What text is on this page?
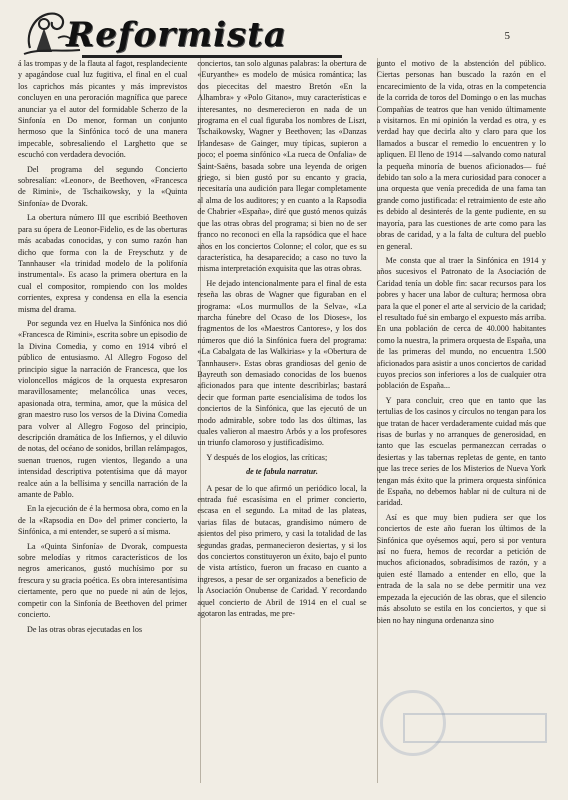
Reformista	5

á las trompas y de la flauta al fagot, resplandeciente y apagándose cual luz fugitiva, el final en el cual los caprichos más picantes y más imprevistos concluyen en una peroración magnífica que parece anunciar ya el autor del formidable Scherzo de la Sinfonía en Do menor, forman un conjunto hermoso que la Sinfónica tocó de una manera impecable, sobresaliendo el Larghetto que se escuchó con verdadera devoción.

Del programa del segundo Concierto sobresalían: «Leonor», de Beethoven, «Francesca de Rimini», de Tschaikowsky, y la «Quinta Sinfonía» de Dvorak.

La obertura número III que escribió Beethoven para su ópera de Leonor-Fidelio, es de las oberturas más acabadas conocidas, y con sumo razón han dicho que forma con la de Freyschutz y de Tannhauser «la trinidad modelo de la polifonía instrumental». Es acaso la primera obertura en la cual el compositor, rompiendo con los moldes corrientes, expresa y condensa en ella la esencia misma del drama.

Por segunda vez en Huelva la Sinfónica nos dió «Francesca de Rimini», escrita sobre un episodio de la Divina Comedia, y como en 1914 vibró el público de entusiasmo. Al Allegro Fogoso del principio sigue la narración de Francesca, que los violoncellos mágicos de la orquesta expresaron maravillosamente; melancólica unas veces, apasionada otra, termina, amor, que la música del gran maestro ruso los versos de la Divina Comedia para volver al Allegro Fogoso del principio, descripción dramática de los Infiernos, y el diluvio de notas, del océano de sonidos, brillan relámpagos, suenan truenos, rugen vientos, llegando a una intensidad descriptiva potentísima que dá mayor realce aún a la bellísima y sencilla narración de la amante de Pablo.

En la ejecución de é la hermosa obra, como en la de la «Rapsodia en Do» del primer concierto, la Sinfónica, a mi entender, se superó a sí misma.

La «Quinta Sinfonía» de Dvorak, compuesta sobre melodías y ritmos característicos de los negros americanos, gustó muchísimo por su frescura y su gracia poética. Es obra interesantísima ciertamente, pero que no puede ni aún de lejos, competir con la Sinfonía de Beethoven del primer concierto.

De las otras obras ejecutadas en los

conciertos, tan solo algunas palabras: la obertura de «Euryanthe» es modelo de música romántica; las dos piececitas del maestro Bretón «En la Alhambra» y «Polo Gitano», muy características e interesantes, no desmerecieron en nada de un programa en el cual figuraba los nombres de Liszt, Tschaikowsky, Wagner y Beethoven; las «Danzas Irlandesas» de Gainger, muy típicas, supieron a poco; el poema sinfónico «La rueca de Onfalia» de Saint-Saëns, basada sobre una leyenda de origen griego, si bien gustó por su encanto y gracia, necesitaría una audición para llegar completamente al alma de los auditores; y en cuanto a la Rapsodia de Chabrier «España», diré que gustó menos quizás que las otras obras del programa; si bien no de ser franco no reconoci en ella la rapsódica que el hace años en los conciertos Colonne; el color, que es su característica, ha desaparecido; a caso no tuvo la misma interpretación exquisita que las otras obras.

He dejado intencionalmente para el final de esta reseña las obras de Wagner que figuraban en el programa: «Los murmullos de la Selva», «La marcha fúnebre del Ocaso de los Dioses», los fragmentos de los «Maestros Cantores», y los dos números que dió la Sinfónica fuera del programa: «La Cabalgata de las Walkirias» y la «Obertura de Tannhauser». Estas obras grandiosas del genio de Bayreuth son demasiado conocidas de los buenos aficionados para que intente describirlas; bastará decir que forman parte esencialísima de todos los conciertos de la Sinfónica, que las ejecutó de un modo admirable, sobre todo las dos últimas, las cuales valieron al maestro Arbós y a los profesores un triunfo clamoroso y justificadísimo.

Y después de los elogios, las críticas;

de te fabula narratur.

A pesar de lo que afirmó un periódico local, la entrada fué escasísima en el primer concierto, escasa en el segundo. La mitad de las plateas, varias filas de butacas, grandísimo número de asientos del piso primero, y casi la totalidad de las segundas gradas, permanecieron desiertas, y si los dos conciertos constituyeron un éxito, bajo el punto de vista artístico, fueron un fracaso en cuanto a ingresos, a pesar de ser organizados a beneficio de la Asociación Onubense de Caridad. Y recordando aquel concierto de Abril de 1914 en el cual se agotaron las entradas, me pre-

gunto el motivo de la abstención del público. Ciertas personas han buscado la razón en el encarecimiento de la vida, otras en la competencia de la corrida de toros del Domingo o en las muchas Compañías de teatros que han venido últimamente a visitarnos. En mi opinión la verdad es otra, y es verdad hay que decirla alto y claro para que los llamados a buscar el remedio lo encuentren y lo apliquen. El lleno de 1914 —salvando como natural la pequeña minoría de buenos aficionados— fué debido tan solo a la mera curiosidad para conocer a una orquesta que venía precedida de una fama tan grande como justificada: el retraimiento de este año es debido al desinterés de la gente pudiente, en su mayoría, para las cuestiones de arte como para las obras de caridad, y a la falta de cultura del pueblo en general.

Me consta que al traer la Sinfónica en 1914 y años sucesivos el Patronato de la Asociación de Caridad tenía un doble fin: sacar recursos para los pobres y hacer una labor de cultura; hermosa obra para la que el poner el arte al servicio de la caridad; el resultado fué sin embargo el expuesto más arriba. En una población de cerca de 40.000 habitantes como la nuestra, la primera orquesta de España, una de las primeras del mundo, no encuentra 1.500 aficionados para asistir a unos conciertos de caridad cuyos precios son inferiores a los de cualquier otra población de España...

Y para concluir, creo que en tanto que las tertulias de los casinos y círculos no tengan para los que tratan de hacer verdaderamente cuidad más que risas de burlas y no arranques de generosidad, en tanto que las escuelas permanezcan cerradas o desiertas y las tabernas repletas de gente, en tanto que las trece series de los Misterios de Nueva York tengan más éxito que la primera orquesta sinfónica de España, no debemos hablar ni de cultura ni de caridad.

Así es que muy bien pudiera ser que los conciertos de este año fueran los últimos de la Sinfónica que oyésemos aquí, pero si por ventura así no fuera, hemos de recordar a petición de muchos aficionados, sobradísimos de razón, y a quien esté llamado a entender en ello, que la entrada de la sala no se debe permitir una vez empezada la ejecución de las obras, que el silencio más absoluto se estila en los conciertos, y que si bien no hay ninguna ordenanza sino
